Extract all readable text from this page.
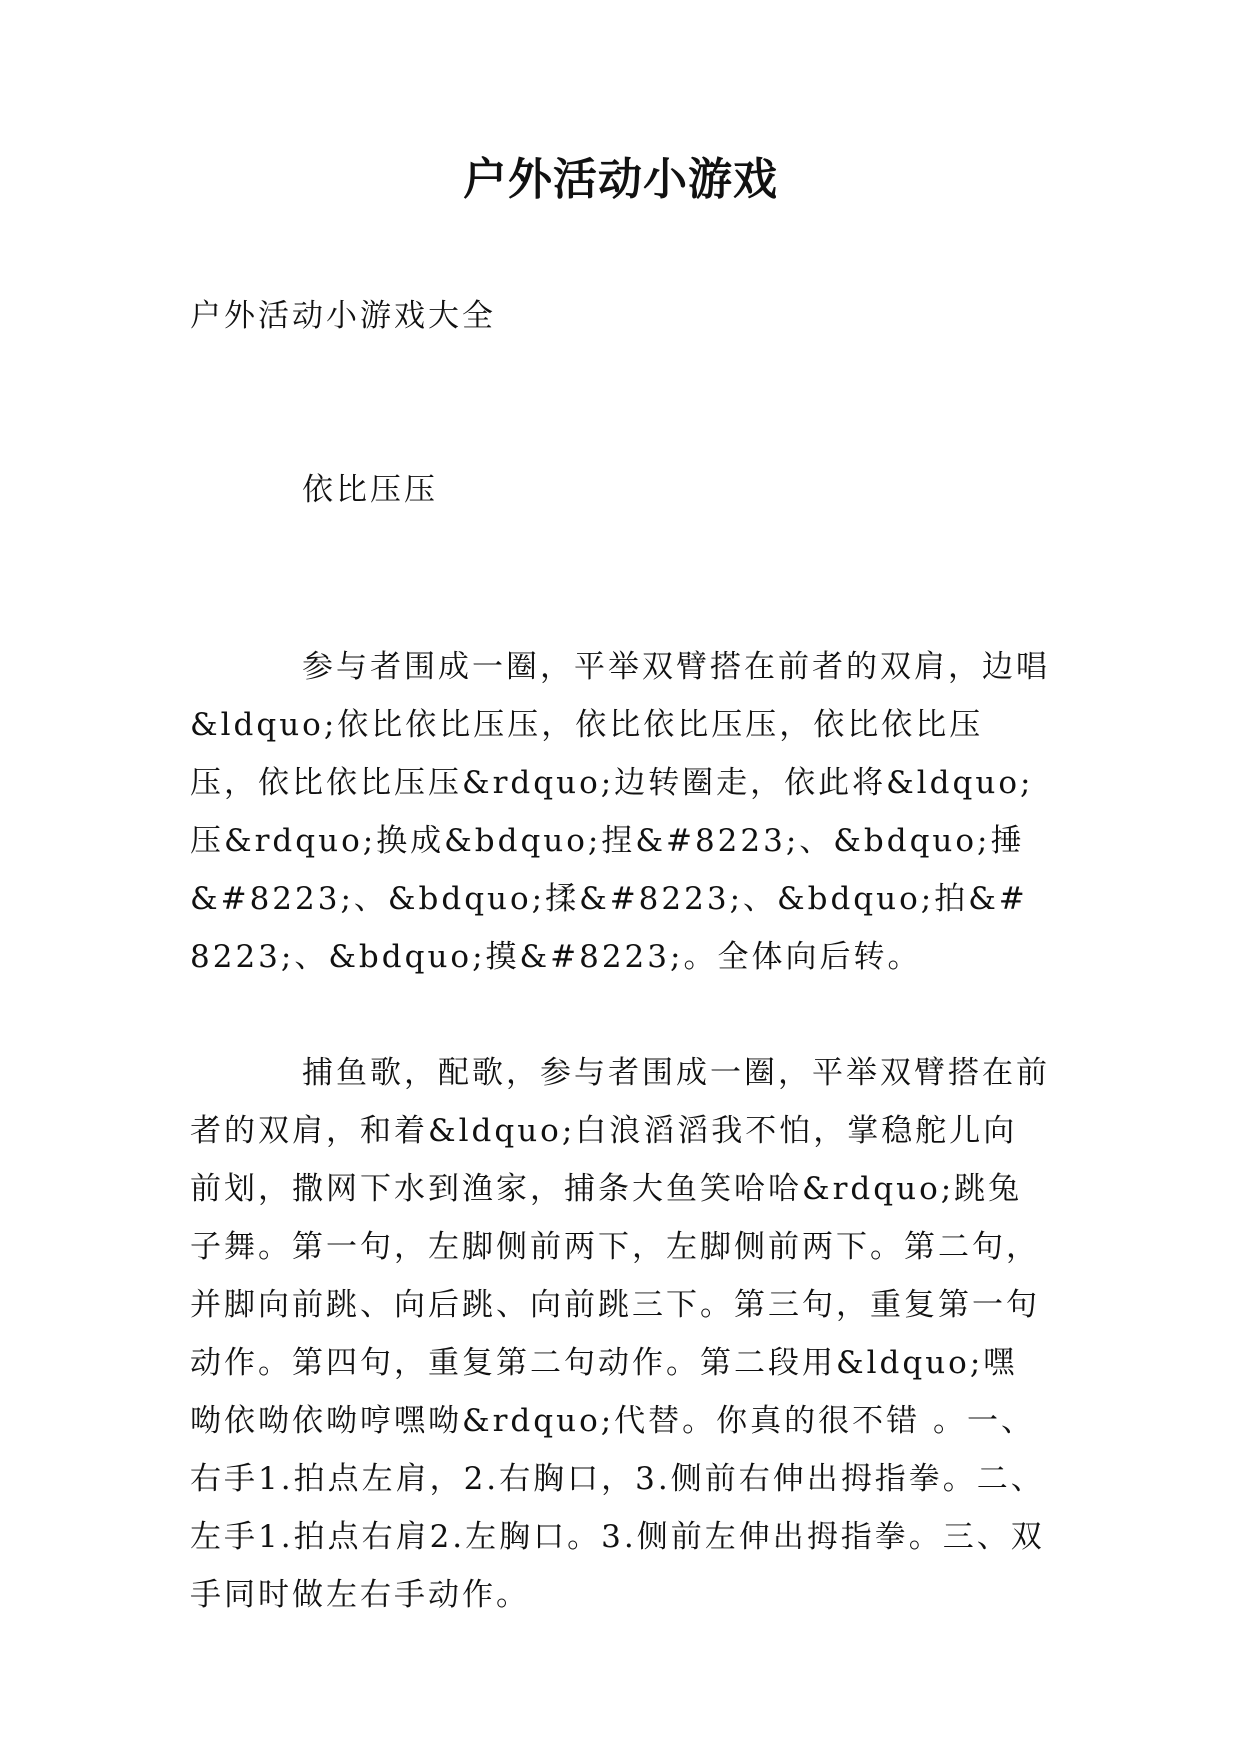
户外活动小游戏
户外活动小游戏大全
依比压压

参与者围成一圈，平举双臂搭在前者的双肩，边唱&ldquo;依比依比压压，依比依比压压，依比依比压压，依比依比压压&rdquo;边转圈走，依此将&ldquo;压&rdquo;换成&bdquo;捏&#8223;、&bdquo;捶&#8223;、&bdquo;揉&#8223;、&bdquo;拍&#8223;、&bdquo;摸&#8223;。全体向后转。

捕鱼歌，配歌，参与者围成一圈，平举双臂搭在前者的双肩，和着&ldquo;白浪滔滔我不怕，掌稳舵儿向前划，撒网下水到渔家，捕条大鱼笑哈哈&rdquo;跳兔子舞。第一句，左脚侧前两下，左脚侧前两下。第二句，并脚向前跳、向后跳、向前跳三下。第三句，重复第一句动作。第四句，重复第二句动作。第二段用&ldquo;嘿呦依呦依呦哼嘿呦&rdquo;代替。你真的很不错 。一、右手1.拍点左肩，2.右胸口，3.侧前右伸出拇指拳。二、左手1.拍点右肩2.左胸口。3.侧前左伸出拇指拳。三、双手同时做左右手动作。
